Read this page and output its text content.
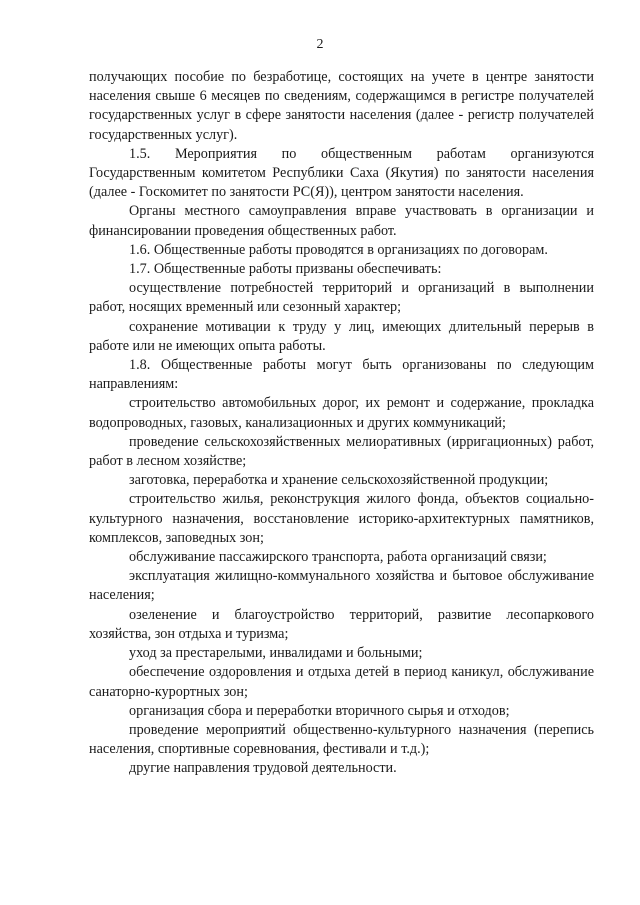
2

получающих пособие по безработице, состоящих на учете в центре занятости населения свыше 6 месяцев по сведениям, содержащимся в регистре получателей государственных услуг в сфере занятости населения (далее - регистр получателей государственных услуг).

1.5. Мероприятия по общественным работам организуются Государственным комитетом Республики Саха (Якутия) по занятости населения (далее - Госкомитет по занятости РС(Я)), центром занятости населения.

Органы местного самоуправления вправе участвовать в организации и финансировании проведения общественных работ.

1.6. Общественные работы проводятся в организациях по договорам.

1.7. Общественные работы призваны обеспечивать:

осуществление потребностей территорий и организаций в выполнении работ, носящих временный или сезонный характер;

сохранение мотивации к труду у лиц, имеющих длительный перерыв в работе или не имеющих опыта работы.

1.8. Общественные работы могут быть организованы по следующим направлениям:

строительство автомобильных дорог, их ремонт и содержание, прокладка водопроводных, газовых, канализационных и других коммуникаций;

проведение сельскохозяйственных мелиоративных (ирригационных) работ, работ в лесном хозяйстве;

заготовка, переработка и хранение сельскохозяйственной продукции;

строительство жилья, реконструкция жилого фонда, объектов социально-культурного назначения, восстановление историко-архитектурных памятников, комплексов, заповедных зон;

обслуживание пассажирского транспорта, работа организаций связи;

эксплуатация жилищно-коммунального хозяйства и бытовое обслуживание населения;

озеленение и благоустройство территорий, развитие лесопаркового хозяйства, зон отдыха и туризма;

уход за престарелыми, инвалидами и больными;

обеспечение оздоровления и отдыха детей в период каникул, обслуживание санаторно-курортных зон;

организация сбора и переработки вторичного сырья и отходов;

проведение мероприятий общественно-культурного назначения (перепись населения, спортивные соревнования, фестивали и т.д.);

другие направления трудовой деятельности.
